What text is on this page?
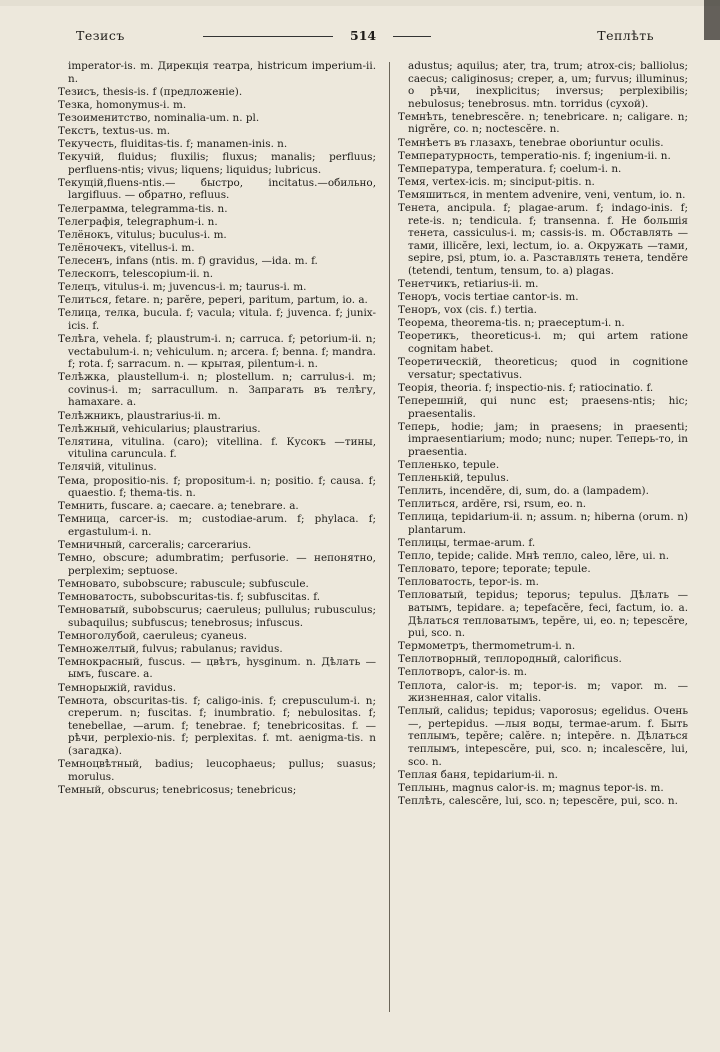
Тезисъ	514	Теплѣть

imperator-is. m. Дирекція театра, histricum imperium-ii. n.

Тезисъ, thesis-is. f (предложеніе).

Тезка, homonymus-i. m.

Тезоименитство, nominalia-um. n. pl.

Текстъ, textus-us. m.

Текучесть, fluiditas-tis. f; manamen-inis. n.

Текучій, fluidus; fluxilis; fluxus; manalis; perfluus; perfluens-ntis; vivus; liquens; liquidus; lubricus.

Текущій,fluens-ntis.— быстро, incitatus.—обильно, largifluus. — обратно, refluus.

Телеграмма, telegramma-tis. n.

Телеграфія, telegraphum-i. n.

Телёнокъ, vitulus; buculus-i. m.

Телёночекъ, vitellus-i. m.

Телесенъ, infans (ntis. m. f) gravidus, —ida. m. f.

Телескопъ, telescopium-ii. n.

Телецъ, vitulus-i. m; juvencus-i. m; taurus-i. m.

Телиться, fetare. n; parĕre, peperi, paritum, partum, io. a.

Телица, телка, bucula. f; vacula; vitula. f; juvenca. f; junix-icis. f.

Телѣга, vehela. f; plaustrum-i. n; carruca. f; petorium-ii. n; vectabulum-i. n; vehiculum. n; arcera. f; benna. f; mandra. f; rota. f; sarracum. n. — крытая, pilentum-i. n.

Телѣжка, plaustellum-i. n; plostellum. n; carrulus-i. m; covinus-i. m; sarracullum. n. Запрагать въ телѣгу, hamaxare. a.

Телѣжникъ, plaustrarius-ii. m.

Телѣжный, vehicularius; plaustrarius.

Телятина, vitulina. (caro); vitellina. f. Кусокъ —тины, vitulina caruncula. f.

Телячій, vitulinus.

Тема, propositio-nis. f; propositum-i. n; positio. f; causa. f; quaestio. f; thema-tis. n.

Темнить, fuscare. a; caecare. a; tenebrare. a.

Темница, carcer-is. m; custodiae-arum. f; phylaca. f; ergastulum-i. n.

Темничный, carceralis; carcerarius.

Темно, obscure; adumbratim; perfusorie. — непонятно, perplexim; septuose.

Темновато, subobscure; rabuscule; subfuscule.

Темноватость, subobscuritas-tis. f; subfuscitas. f.

Темноватый, subobscurus; caeruleus; pullulus; rubusculus; subaquilus; subfuscus; tenebrosus; infuscus.

Темноголубой, caeruleus; cyaneus.

Темножелтый, fulvus; rabulanus; ravidus.

Темнокрасный, fuscus. — цвѣтъ, hysginum. n. Дѣлать —ымъ, fuscare. a.

Темнорыжій, ravidus.

Темнота, obscuritas-tis. f; caligo-inis. f; crepusculum-i. n; creperum. n; fuscitas. f; inumbratio. f; nebulositas. f; tenebellae, —arum. f; tenebrae. f; tenebricositas. f. — рѣчи, perplexio-nis. f; perplexitas. f. mt. aenigma-tis. n (загадка).

Темноцвѣтный, badius; leucophaeus; pullus; suasus; morulus.

Темный, obscurus; tenebricosus; tenebricus;

adustus; aquilus; ater, tra, trum; atrox-cis; balliolus; caecus; caliginosus; creper, a, um; furvus; illuminus; о рѣчи, inexplicitus; inversus; perplexibilis; nebulosus; tenebrosus. mtn. torridus (сухой).

Темнѣть, tenebrescĕre. n; tenebricare. n; caligare. n; nigrĕre, co. n; noctescĕre. n.

Темнѣетъ въ глазахъ, tenebrae oboriuntur oculis.

Температурность, temperatio-nis. f; ingenium-ii. n.

Температура, temperatura. f; coelum-i. n.

Темя, vertex-icis. m; sinciput-pitis. n.

Темяшиться, in mentem advenire, veni, ventum, io. n.

Тенета, ancipula. f; plagae-arum. f; indago-inis. f; rete-is. n; tendicula. f; transenna. f. Не большія тенета, cassiculus-i. m; cassis-is. m. Обставлять —тами, illicĕre, lexi, lectum, io. a. Окружать —тами, sepire, psi, ptum, io. a. Разставлять тенета, tendĕre (tetendi, tentum, tensum, to. a) plagas.

Тенетчикъ, retiarius-ii. m.

Теноръ, vocis tertiae cantor-is. m.

Теноръ, vox (cis. f.) tertia.

Теорема, theorema-tis. n; praeceptum-i. n.

Теоретикъ, theoreticus-i. m; qui artem ratione cognitam habet.

Теоретическій, theoreticus; quod in cognitione versatur; spectativus.

Теорія, theoria. f; inspectio-nis. f; ratiocinatio. f.

Теперешній, qui nunc est; praesens-ntis; hic; praesentalis.

Теперь, hodie; jam; in praesens; in praesenti; impraesentiarium; modo; nunc; nuper. Теперь-то, in praesentia.

Тепленько, tepule.

Тепленькій, tepulus.

Теплить, incendĕre, di, sum, do. a (lampadem).

Теплиться, ardĕre, rsi, rsum, eo. n.

Теплица, tepidarium-ii. n; assum. n; hiberna (orum. n) plantarum.

Теплицы, termae-arum. f.

Тепло, tepide; calide. Мнѣ тепло, caleo, lēre, ui. n.

Тепловато, tepore; teporate; tepule.

Тепловатость, tepor-is. m.

Тепловатый, tepidus; teporus; tepulus. Дѣлать —ватымъ, tepidare. a; tepefacĕre, feci, factum, io. a. Дѣлаться тепловатымъ, tepĕre, ui, eo. n; tepescĕre, pui, sco. n.

Термометръ, thermometrum-i. n.

Теплотворный, теплородный, calorificus.

Теплотворъ, calor-is. m.

Теплота, calor-is. m; tepor-is. m; vapor. m. — жизненная, calor vitalis.

Теплый, calidus; tepidus; vaporosus; egelidus. Очень —, pertepidus. —лыя воды, termae-arum. f. Быть теплымъ, tepĕre; calĕre. n; intepĕre. n. Дѣлаться теплымъ, intepescĕre, pui, sco. n; incalescĕre, lui, sco. n.

Теплая баня, tepidarium-ii. n.

Теплынь, magnus calor-is. m; magnus tepor-is. m.

Теплѣть, calescĕre, lui, sco. n; tepescĕre, pui, sco. n.
